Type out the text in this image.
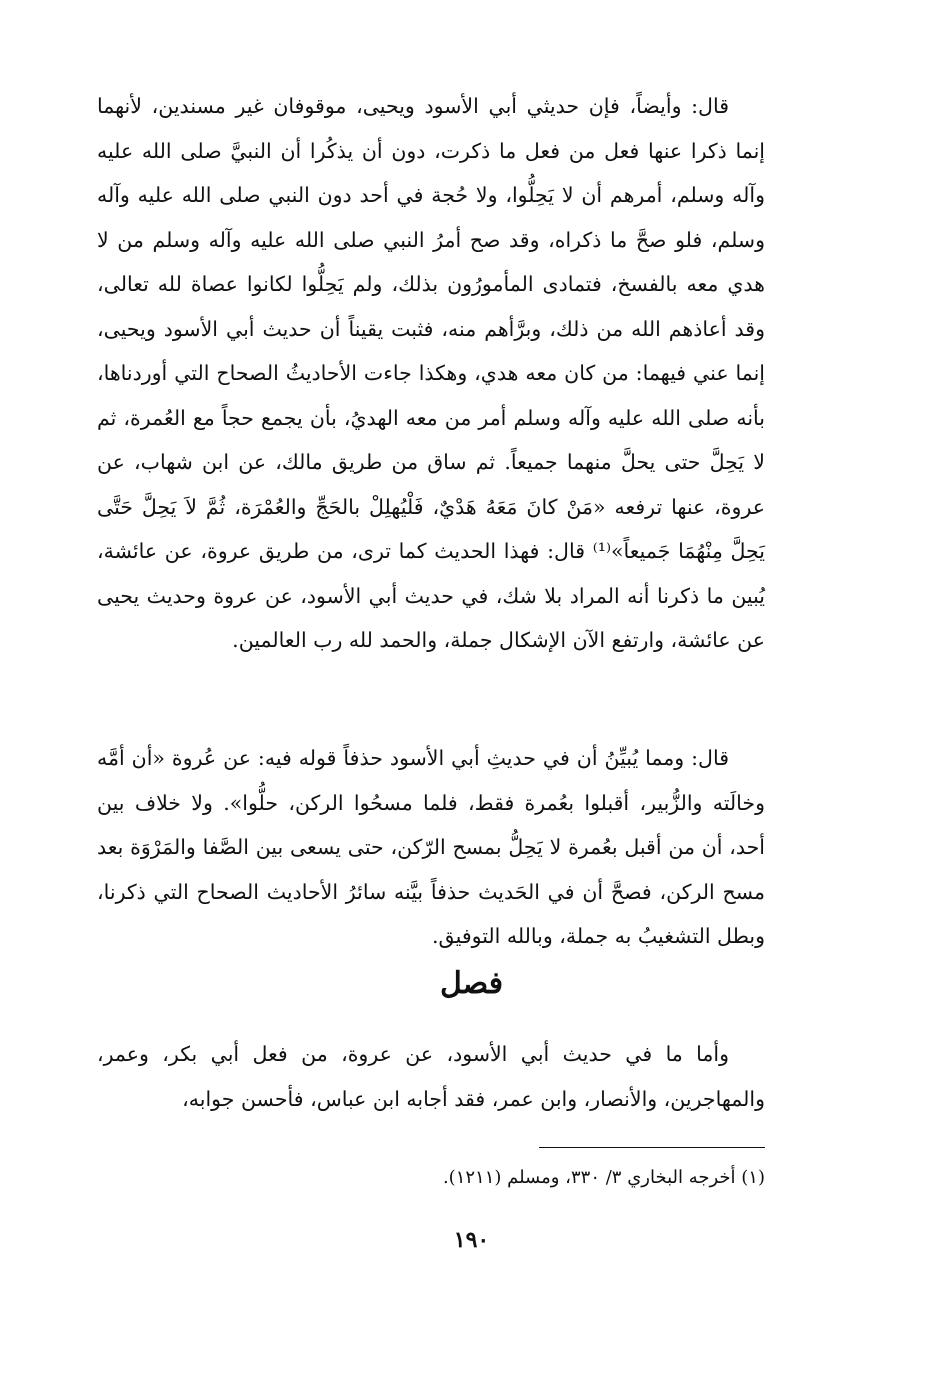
قال: وأيضاً، فإن حديثي أبي الأسود ويحيى، موقوفان غير مسندين، لأنهما إنما ذكرا عنها فعل من فعل ما ذكرت، دون أن يذكُرا أن النبيَّ صلى الله عليه وآله وسلم، أمرهم أن لا يَحِلُّوا، ولا حُجة في أحد دون النبي صلى الله عليه وآله وسلم، فلو صحَّ ما ذكراه، وقد صح أمرُ النبي صلى الله عليه وآله وسلم من لا هدي معه بالفسخ، فتمادى المأمورُون بذلك، ولم يَحِلُّوا لكانوا عصاة لله تعالى، وقد أعاذهم الله من ذلك، وبرَّأهم منه، فثبت يقيناً أن حديث أبي الأسود ويحيى، إنما عني فيهما: من كان معه هدي، وهكذا جاءت الأحاديثُ الصحاح التي أوردناها، بأنه صلى الله عليه وآله وسلم أمر من معه الهديُ، بأن يجمع حجاً مع العُمرة، ثم لا يَحِلَّ حتى يحلَّ منهما جميعاً. ثم ساق من طريق مالك، عن ابن شهاب، عن عروة، عنها ترفعه «مَنْ كانَ مَعَهُ هَدْيٌ، فَلْيُهلِلْ بالحَجِّ والعُمْرَة، ثُمَّ لاَ يَحِلَّ حَتَّى يَحِلَّ مِنْهُمَا جَميعاً»⁽¹⁾ قال: فهذا الحديث كما ترى، من طريق عروة، عن عائشة، يُبين ما ذكرنا أنه المراد بلا شك، في حديث أبي الأسود، عن عروة وحديث يحيى عن عائشة، وارتفع الآن الإشكال جملة، والحمد لله رب العالمين.

قال: ومما يُبيِّنُ أن في حديثِ أبي الأسود حذفاً قوله فيه: عن عُروة «أن أمَّه وخالَته والزُّبير، أقبلوا بعُمرة فقط، فلما مسحُوا الركن، حلُّوا». ولا خلاف بين أحد، أن من أقبل بعُمرة لا يَحِلُّ بمسح الرّكن، حتى يسعى بين الصَّفا والمَرْوَة بعد مسح الركن، فصحَّ أن في الحَديث حذفاً بيَّنه سائرُ الأحاديث الصحاح التي ذكرنا، وبطل التشغيبُ به جملة، وبالله التوفيق.

فصل

وأما ما في حديث أبي الأسود، عن عروة، من فعل أبي بكر، وعمر، والمهاجرين، والأنصار، وابن عمر، فقد أجابه ابن عباس، فأحسن جوابه،

(١) أخرجه البخاري ٣/ ٣٣٠، ومسلم (١٢١١).

١٩٠
